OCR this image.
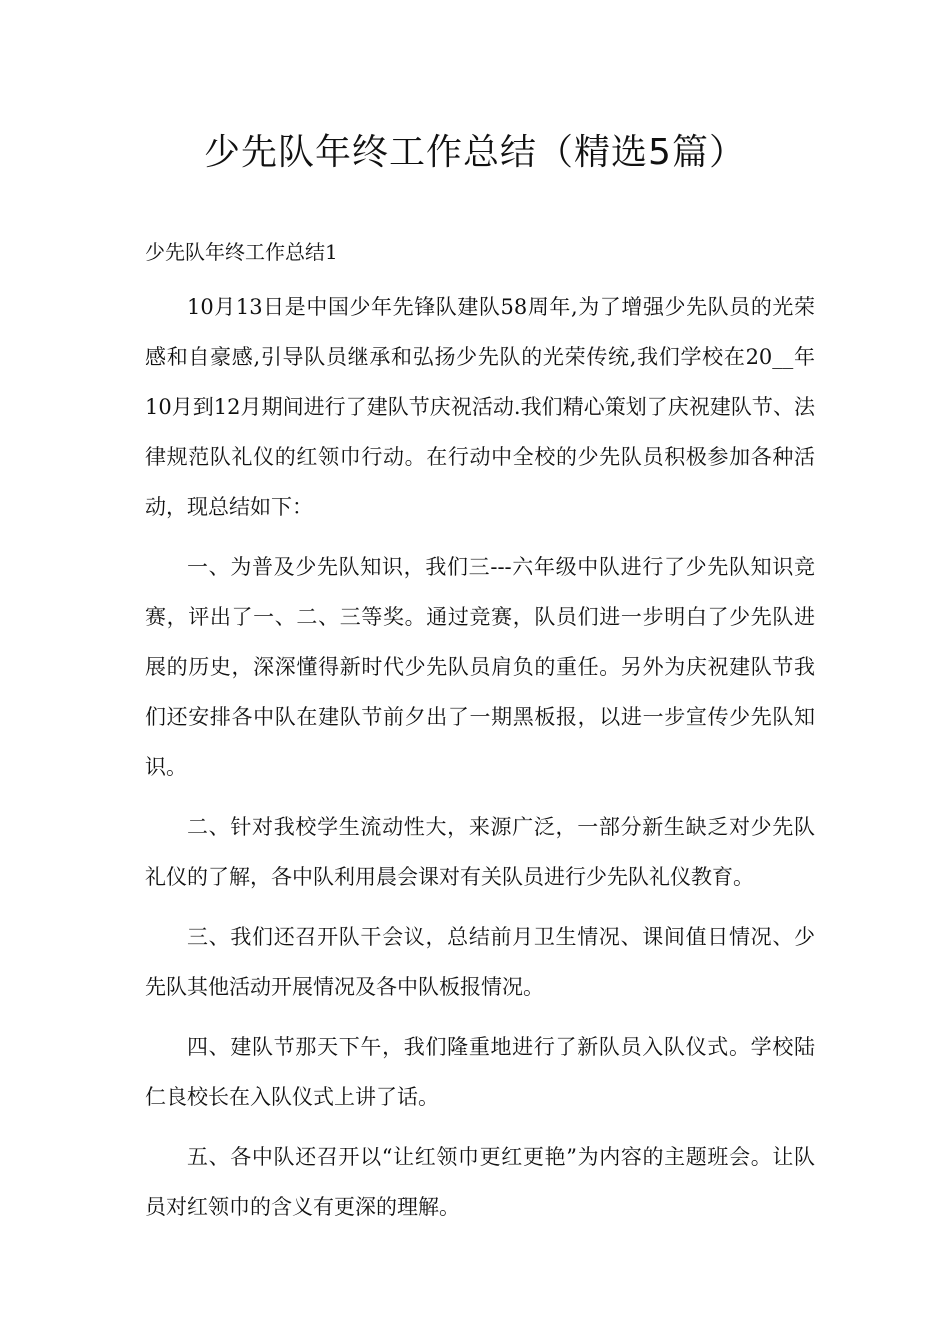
少先队年终工作总结（精选5篇）
少先队年终工作总结1

10月13日是中国少年先锋队建队58周年,为了增强少先队员的光荣感和自豪感,引导队员继承和弘扬少先队的光荣传统,我们学校在20__年10月到12月期间进行了建队节庆祝活动.我们精心策划了庆祝建队节、法律规范队礼仪的红领巾行动。在行动中全校的少先队员积极参加各种活动，现总结如下：

一、为普及少先队知识，我们三---六年级中队进行了少先队知识竞赛，评出了一、二、三等奖。通过竞赛，队员们进一步明白了少先队进展的历史，深深懂得新时代少先队员肩负的重任。另外为庆祝建队节我们还安排各中队在建队节前夕出了一期黑板报，以进一步宣传少先队知识。

二、针对我校学生流动性大，来源广泛，一部分新生缺乏对少先队礼仪的了解，各中队利用晨会课对有关队员进行少先队礼仪教育。

三、我们还召开队干会议，总结前月卫生情况、课间值日情况、少先队其他活动开展情况及各中队板报情况。

四、建队节那天下午，我们隆重地进行了新队员入队仪式。学校陆仁良校长在入队仪式上讲了话。

五、各中队还召开以“让红领巾更红更艳”为内容的主题班会。让队员对红领巾的含义有更深的理解。
